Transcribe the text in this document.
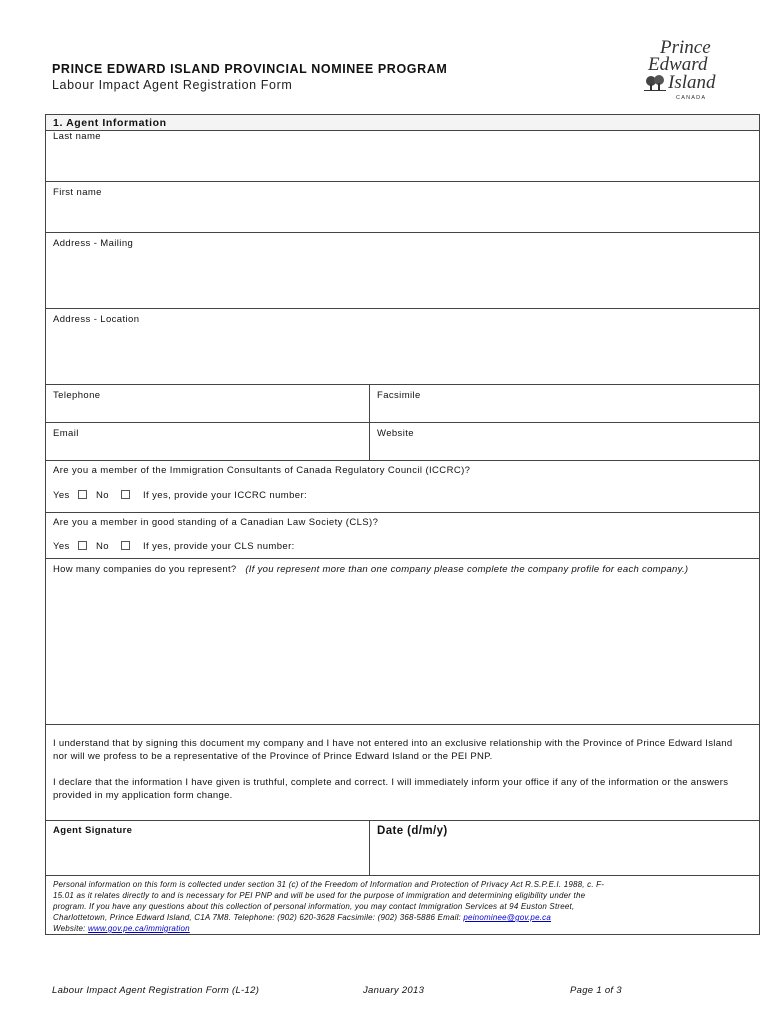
PRINCE EDWARD ISLAND PROVINCIAL NOMINEE PROGRAM
Labour Impact Agent Registration Form
Prince
Edward
Island
C A N A D A
1. Agent Information
Last name
First name
Address - Mailing
Address - Location
Telephone	Facsimile
Email	Website
Are you a member of the Immigration Consultants of Canada Regulatory Council (ICCRC)?
Yes	No	If yes, provide your ICCRC number:
Are you a member in good standing of a Canadian Law Society (CLS)?
Yes	No	If yes, provide your CLS number:
How many companies do you represent? (If you represent more than one company please complete the company profile for each company.)
I understand that by signing this document my company and I have not entered into an exclusive relationship with the Province of Prince Edward Island nor will we profess to be a representative of the Province of Prince Edward Island or the PEI PNP.
I declare that the information I have given is truthful, complete and correct. I will immediately inform your office if any of the information or the answers provided in my application form change.
Agent Signature	Date (d/m/y)
Personal information on this form is collected under section 31 (c) of the Freedom of Information and Protection of Privacy Act R.S.P.E.I. 1988, c. F-
15.01 as it relates directly to and is necessary for PEI PNP and will be used for the purpose of immigration and determining eligibility under the
program. If you have any questions about this collection of personal information, you may contact Immigration Services at 94 Euston Street,
Charlottetown, Prince Edward Island, C1A 7M8. Telephone: (902) 620-3628 Facsimile: (902) 368-5886 Email: peinominee@gov.pe.ca
Website: www.gov.pe.ca/immigration
Labour Impact Agent Registration Form (L-12)	January 2013	Page 1 of 3
